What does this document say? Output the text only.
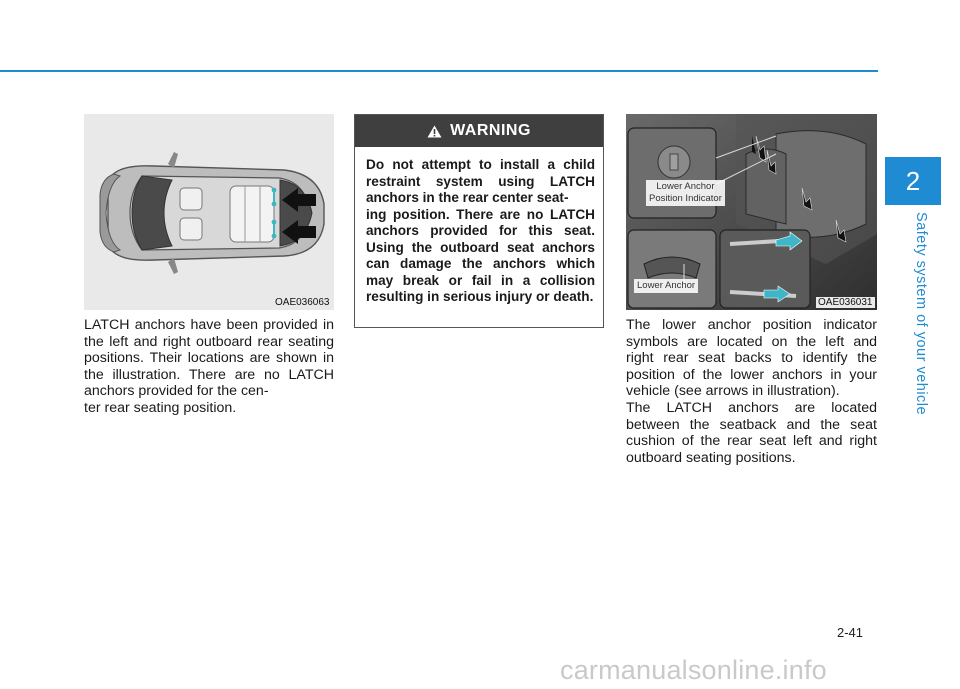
2
Safety system of your vehicle
OAE036063
LATCH anchors have been provided in the left and right outboard rear seating positions. Their locations are shown in the illustration. There are no LATCH anchors provided for the cen-
ter rear seating position.
WARNING
Do not attempt to install a child restraint system using LATCH anchors in the rear center seat-
ing position. There are no LATCH anchors provided for this seat. Using the outboard seat anchors can damage the anchors which may break or fail in a collision resulting in serious injury or death.
Lower Anchor
Position Indicator
Lower Anchor
OAE036031
The lower anchor position indicator symbols are located on the left and right rear seat backs to identify the position of the lower anchors in your vehicle (see arrows in illustration).
The LATCH anchors are located between the seatback and the seat cushion of the rear seat left and right outboard seating positions.
2-41
carmanualsonline.info
